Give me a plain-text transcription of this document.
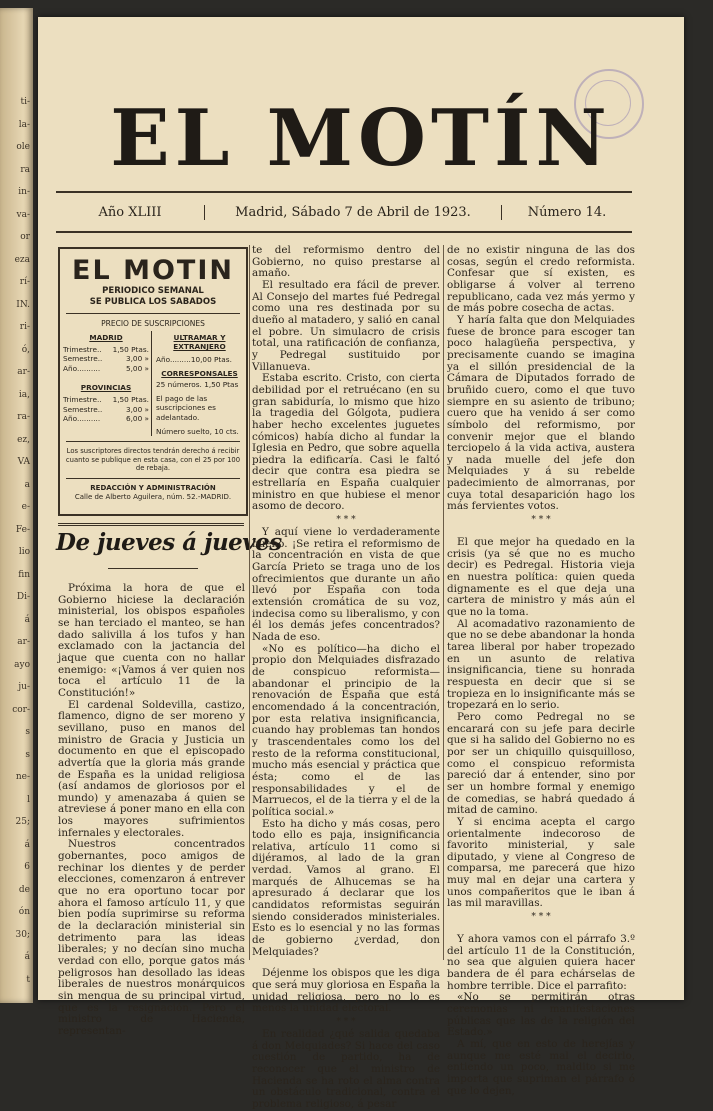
ti-
la-
ole
ra
in-
va-
or
eza
rí-
IN.
ri-
ó,
ar-
ia,
ra-
ez,
VA
a
e-
Fe-
lio
fin
Di-
á
ar-
ayo
ju-
cor-
s
s
ne-
l
25;
á
6
de
ón
30;
á
t
EL MOTÍN
Año XLIII	Madrid, Sábado 7 de Abril de 1923.	Número 14.
EL MOTIN
PERIODICO SEMANAL
SE PUBLICA LOS SABADOS
PRECIO DE SUSCRIPCIONES
MADRID
Trimestre.. 1,50 Ptas.
Semestre..	3,00 »
Año..........	5,00 »
PROVINCIAS
Trimestre.. 1,50 Ptas.
Semestre..	3,00 »
Año..........	6,00 »
ULTRAMAR Y EXTRANJERO
Año.........10,00 Ptas.
CORRESPONSALES
25 números. 1,50 Ptas
El pago de las suscripciones es adelantado.
Número suelto, 10 cts.
Los suscriptores directos tendrán derecho á recibir cuanto se publique en esta casa, con el 25 por 100 de rebaja.
REDACCIÓN Y ADMINISTRACIÓN
Calle de Alberto Aguilera, núm. 52.-MADRID.
De jueves á jueves

Próxima la hora de que el Gobierno hiciese la declaración ministerial, los obispos españoles se han terciado el manteo, se han dado salivilla á los tufos y han exclamado con la jactancia del jaque que cuenta con no hallar enemigo: «¡Vamos á ver quien nos toca el artículo 11 de la Constitución!»

El cardenal Soldevilla, castizo, flamenco, digno de ser moreno y sevillano, puso en manos del ministro de Gracia y Justicia un documento en que el episcopado advertía que la gloria más grande de España es la unidad religiosa (así andamos de gloriosos por el mundo) y amenazaba á quien se atreviese á poner mano en ella con los mayores sufrimientos infernales y electorales.

Nuestros concentrados gobernantes, poco amigos de rechinar los dientes y de perder elecciones, comenzaron á entrever que no era oportuno tocar por ahora el famoso artículo 11, y que bien podía suprimirse su reforma de la declaración ministerial sin detrimento para las ideas liberales; y no decían sino mucha verdad con ello, porque gatos más peligrosos han desollado las ideas liberales de nuestros monárquicos sin mengua de su principal virtud, que es la resignación. Pero el ministro de Hacienda, representan-

te del reformismo dentro del Gobierno, no quiso prestarse al amaño.

El resultado era fácil de prever. Al Consejo del martes fué Pedregal como una res destinada por su dueño al matadero, y salió en canal el pobre. Un simulacro de crisis total, una ratificación de confianza, y Pedregal sustituido por Villanueva.

Estaba escrito. Cristo, con cierta debilidad por el retruécano (en su gran sabiduría, lo mismo que hizo la tragedia del Gólgota, pudiera haber hecho excelentes juguetes cómicos) había dicho al fundar la Iglesia en Pedro, que sobre aquella piedra la edificaría. Casi le faltó decir que contra esa piedra se estrellaría en España cualquier ministro en que hubiese el menor asomo de decoro.

* * *

Y aquí viene lo verdaderamente bueno. ¡Se retira el reformismo de la concentración en vista de que García Prieto se traga uno de los ofrecimientos que durante un año llevó por España con toda extensión cromática de su voz, indecisa como su liberalismo, y con él los demás jefes concentrados? Nada de eso.

«No es político—ha dicho el propio don Melquiades disfrazado de conspicuo reformista—abandonar el principio de la renovación de España que está encomendado á la concentración, por esta relativa insignificancia, cuando hay problemas tan hondos y trascendentales como los del resto de la reforma constitucional, mucho más esencial y práctica que ésta; como el de las responsabilidades y el de Marruecos, el de la tierra y el de la política social.»

Esto ha dicho y más cosas, pero todo ello es paja, insignificancia relativa, artículo 11 como si dijéramos, al lado de la gran verdad. Vamos al grano. El marqués de Alhucemas se ha apresurado á declarar que los candidatos reformistas seguirán siendo considerados ministeriales. Esto es lo esencial y no las formas de gobierno ¿verdad, don Melquiades?

Déjenme los obispos que les diga que será muy gloriosa en España la unidad religiosa, pero no lo es menos la unidad electoral.

* * *

En realidad ¿qué salida quedaba á don Melquiades? Si hace del caso cuestión de partido, ha de reconocer que el ministro de Hacienda se ha roto el alma contra un obstáculo tradicional, contra el problema religioso, á pesar

de no existir ninguna de las dos cosas, según el credo reformista. Confesar que sí existen, es obligarse á volver al terreno republicano, cada vez más yermo y de más pobre cosecha de actas.

Y haría falta que don Melquiades fuese de bronce para escoger tan poco halagüeña perspectiva, y precisamente cuando se imagina ya el sillón presidencial de la Cámara de Diputados forrado de bruñido cuero, como el que tuvo siempre en su asiento de tribuno; cuero que ha venido á ser como símbolo del reformismo, por convenir mejor que el blando terciopelo á la vida activa, austera y nada muelle del jefe don Melquiades y á su rebelde padecimiento de almorranas, por cuya total desaparición hago los más fervientes votos.

* * *

El que mejor ha quedado en la crisis (ya sé que no es mucho decir) es Pedregal. Historia vieja en nuestra política: quien queda dignamente es el que deja una cartera de ministro y más aún el que no la toma.

Al acomadativo razonamiento de que no se debe abandonar la honda tarea liberal por haber tropezado en un asunto de relativa insignificancia, tiene su honrada respuesta en decir que si se tropieza en lo insignificante más se tropezará en lo serio.

Pero como Pedregal no se encarará con su jefe para decirle que si ha salido del Gobierno no es por ser un chiquillo quisquilloso, como el conspicuo reformista pareció dar á entender, sino por ser un hombre formal y enemigo de comedias, se habrá quedado á mitad de camino.

Y si encima acepta el cargo orientalmente indecoroso de favorito ministerial, y sale diputado, y viene al Congreso de comparsa, me parecerá que hizo muy mal en dejar una cartera y unos compañeritos que le iban á las mil maravillas.

* * *

Y ahora vamos con el párrafo 3.º del artículo 11 de la Constitución, no sea que alguien quiera hacer bandera de él para echárselas de hombre terrible. Dice el parrafito:

«No se permitirán otras ceremonias ni manifestaciones públicas que las de la religión del Estado.»

A mí, que en esto de herejías y aunque me esté mal el decirlo, entiendo un poco, maldito si me importa que supriman el párrafo ó que lo dejen,
